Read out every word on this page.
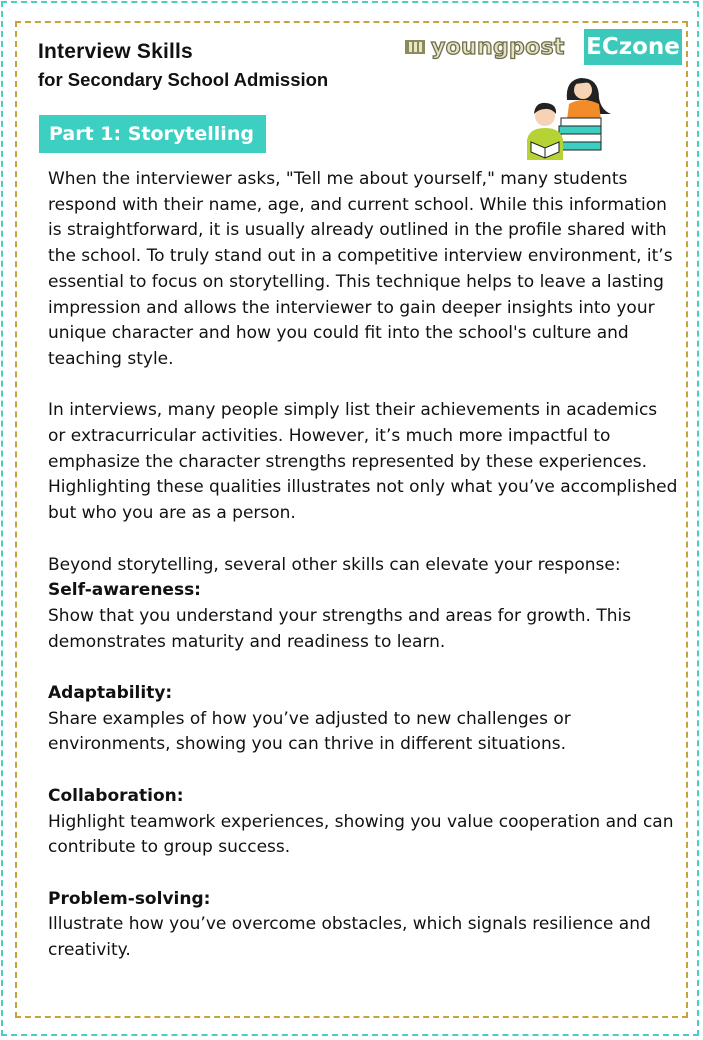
Interview Skills
for Secondary School Admission
youngpost ECzone
Part 1: Storytelling

When the interviewer asks, "Tell me about yourself," many students respond with their name, age, and current school. While this information is straightforward, it is usually already outlined in the profile shared with the school. To truly stand out in a competitive interview environment, it’s essential to focus on storytelling. This technique helps to leave a lasting impression and allows the interviewer to gain deeper insights into your unique character and how you could fit into the school's culture and teaching style.

In interviews, many people simply list their achievements in academics or extracurricular activities. However, it’s much more impactful to emphasize the character strengths represented by these experiences. Highlighting these qualities illustrates not only what you’ve accomplished but who you are as a person.

Beyond storytelling, several other skills can elevate your response:

Self-awareness:

Show that you understand your strengths and areas for growth. This demonstrates maturity and readiness to learn.

Adaptability:

Share examples of how you’ve adjusted to new challenges or environments, showing you can thrive in different situations.

Collaboration:

Highlight teamwork experiences, showing you value cooperation and can contribute to group success.

Problem-solving:

Illustrate how you’ve overcome obstacles, which signals resilience and creativity.
